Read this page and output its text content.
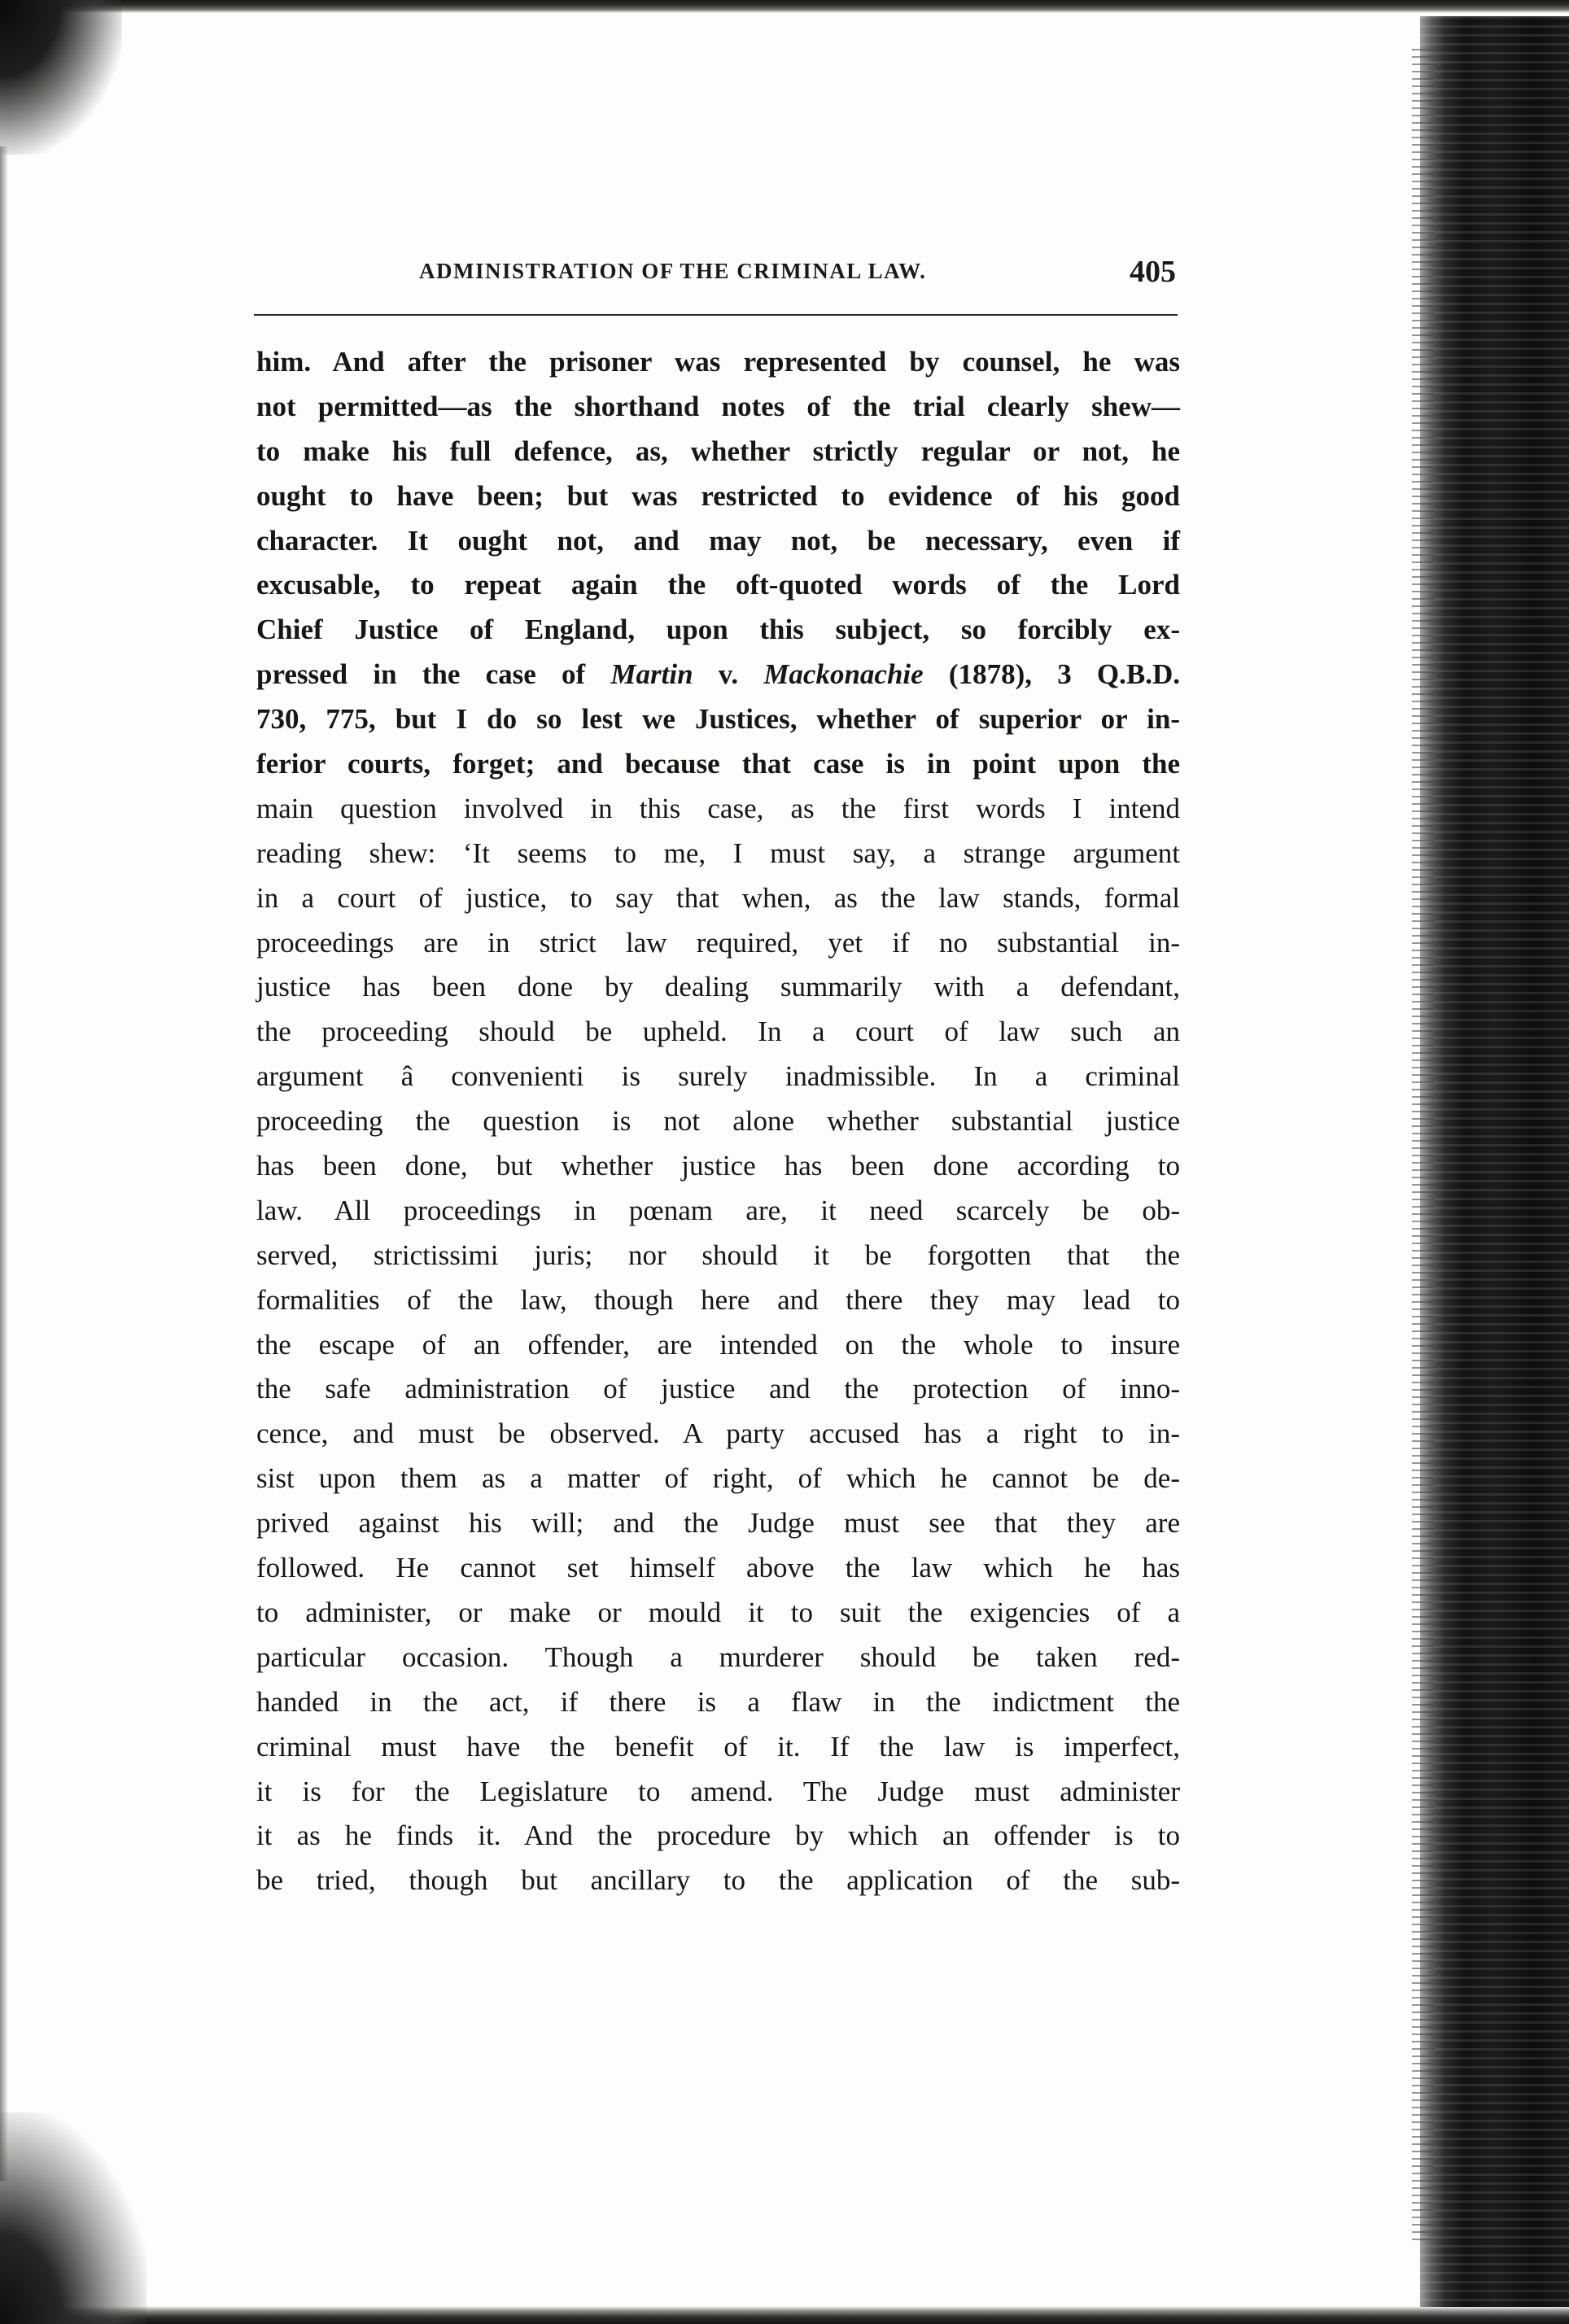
ADMINISTRATION OF THE CRIMINAL LAW.	405
him. And after the prisoner was represented by counsel, he was
not permitted—as the shorthand notes of the trial clearly shew—
to make his full defence, as, whether strictly regular or not, he
ought to have been; but was restricted to evidence of his good
character. It ought not, and may not, be necessary, even if
excusable, to repeat again the oft-quoted words of the Lord
Chief Justice of England, upon this subject, so forcibly ex-
pressed in the case of Martin v. Mackonachie (1878), 3 Q.B.D.
730, 775, but I do so lest we Justices, whether of superior or in-
ferior courts, forget; and because that case is in point upon the
main question involved in this case, as the first words I intend
reading shew: ‘It seems to me, I must say, a strange argument
in a court of justice, to say that when, as the law stands, formal
proceedings are in strict law required, yet if no substantial in-
justice has been done by dealing summarily with a defendant,
the proceeding should be upheld. In a court of law such an
argument â convenienti is surely inadmissible. In a criminal
proceeding the question is not alone whether substantial justice
has been done, but whether justice has been done according to
law. All proceedings in pœnam are, it need scarcely be ob-
served, strictissimi juris; nor should it be forgotten that the
formalities of the law, though here and there they may lead to
the escape of an offender, are intended on the whole to insure
the safe administration of justice and the protection of inno-
cence, and must be observed. A party accused has a right to in-
sist upon them as a matter of right, of which he cannot be de-
prived against his will; and the Judge must see that they are
followed. He cannot set himself above the law which he has
to administer, or make or mould it to suit the exigencies of a
particular occasion. Though a murderer should be taken red-
handed in the act, if there is a flaw in the indictment the
criminal must have the benefit of it. If the law is imperfect,
it is for the Legislature to amend. The Judge must administer
it as he finds it. And the procedure by which an offender is to
be tried, though but ancillary to the application of the sub-
